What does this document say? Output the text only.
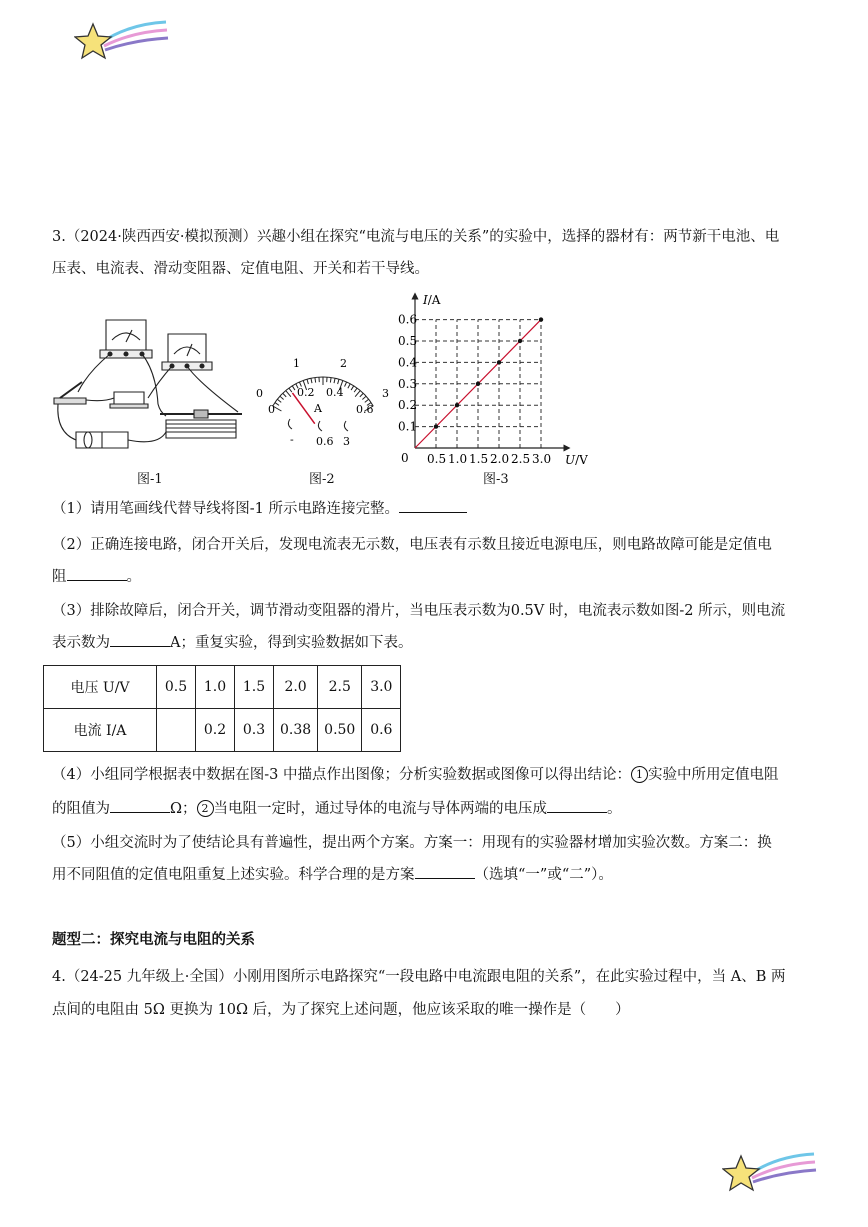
3.（2024·陕西西安·模拟预测）兴趣小组在探究“电流与电压的关系”的实验中，选择的器材有：两节新干电池、电

压表、电流表、滑动变阻器、定值电阻、开关和若干导线。

图-1
0
1	2
3
0
0.2 0.4
0.6
A
- 0.6 3
图-2
I/A
U/V
0
0.1
0.2
0.3
0.4
0.5
0.6
0.5 1.0 1.5 2.0 2.5 3.0
图-3

（1）请用笔画线代替导线将图-1 所示电路连接完整。

（2）正确连接电路，闭合开关后，发现电流表无示数，电压表有示数且接近电源电压，则电路故障可能是定值电

阻	。

（3）排除故障后，闭合开关，调节滑动变阻器的滑片，当电压表示数为0.5V 时，电流表示数如图-2 所示，则电流

表示数为	A；重复实验，得到实验数据如下表。

电压 U/V	0.5	1.0	1.5	2.0	2.5	3.0
电流 I/A		0.2	0.3	0.38	0.50	0.6

（4）小组同学根据表中数据在图-3 中描点作出图像；分析实验数据或图像可以得出结论： 1 实验中所用定值电阻

的阻值为	Ω； 2 当电阻一定时，通过导体的电流与导体两端的电压成	。

（5）小组交流时为了使结论具有普遍性，提出两个方案。方案一：用现有的实验器材增加实验次数。方案二：换

用不同阻值的定值电阻重复上述实验。科学合理的是方案	（选填“一”或“二”）。

题型二：探究电流与电阻的关系

4.（24-25 九年级上·全国）小刚用图所示电路探究“一段电路中电流跟电阻的关系”，在此实验过程中，当 A、B 两

点间的电阻由 5Ω 更换为 10Ω 后，为了探究上述问题，他应该采取的唯一操作是（　　）
